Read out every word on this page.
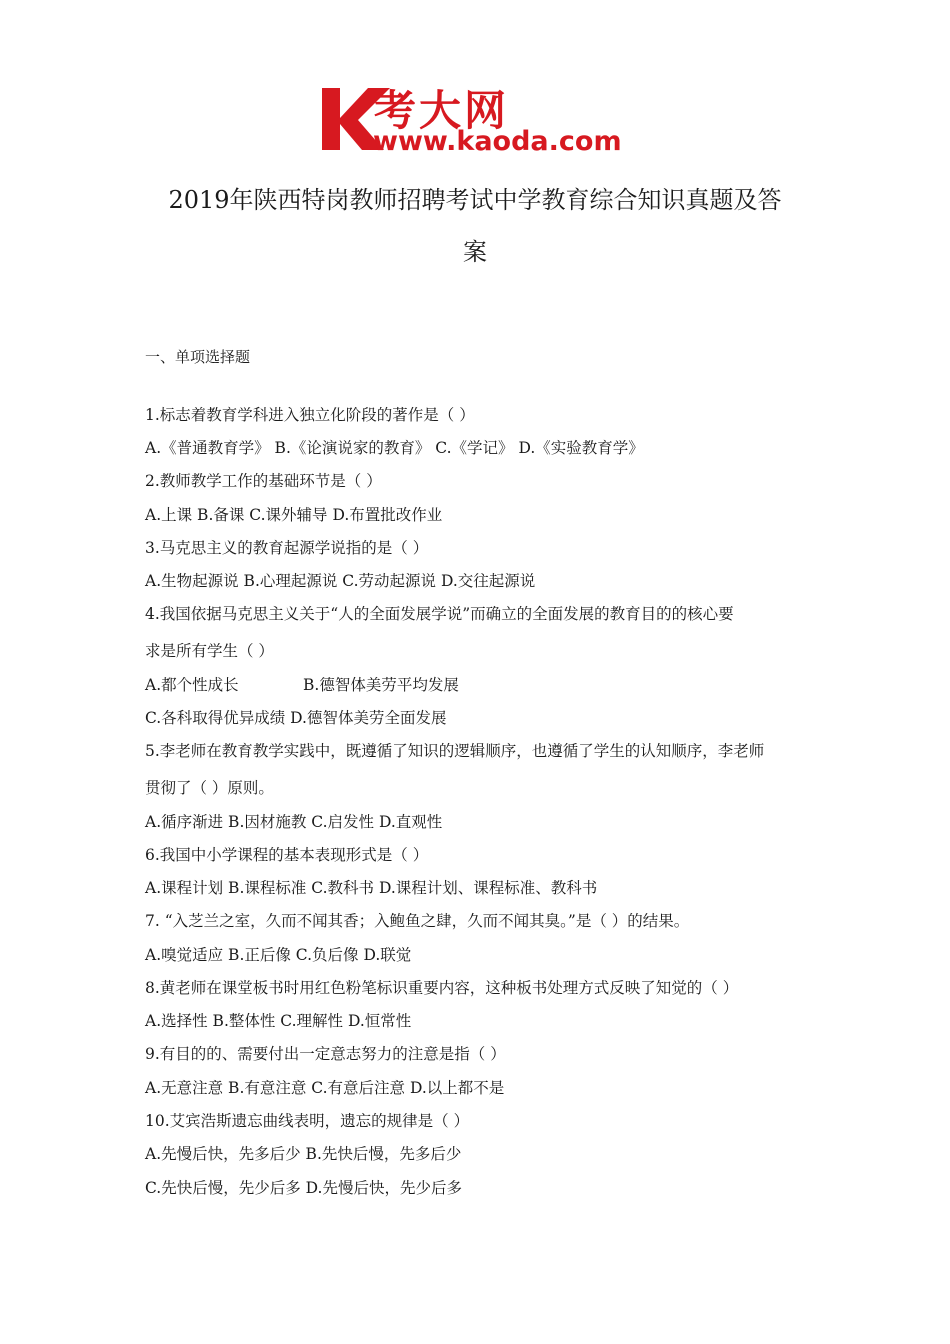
考大网
www.kaoda.com
2019年陕西特岗教师招聘考试中学教育综合知识真题及答
案
一、单项选择题
1.标志着教育学科进入独立化阶段的著作是（ ）
A.《普通教育学》 B.《论演说家的教育》 C.《学记》 D.《实验教育学》
2.教师教学工作的基础环节是（ ）
A.上课 B.备课 C.课外辅导 D.布置批改作业
3.马克思主义的教育起源学说指的是（ ）
A.生物起源说 B.心理起源说 C.劳动起源说 D.交往起源说
4.我国依据马克思主义关于“人的全面发展学说”而确立的全面发展的教育目的的核心要
求是所有学生（ ）
A.都个性成长	B.德智体美劳平均发展
C.各科取得优异成绩 D.德智体美劳全面发展
5.李老师在教育教学实践中，既遵循了知识的逻辑顺序，也遵循了学生的认知顺序，李老师
贯彻了（ ）原则。
A.循序渐进 B.因材施教 C.启发性 D.直观性
6.我国中小学课程的基本表现形式是（ ）
A.课程计划 B.课程标准 C.教科书 D.课程计划、课程标准、教科书
7. “入芝兰之室，久而不闻其香；入鲍鱼之肆，久而不闻其臭。”是（ ）的结果。
A.嗅觉适应 B.正后像 C.负后像 D.联觉
8.黄老师在课堂板书时用红色粉笔标识重要内容，这种板书处理方式反映了知觉的（ ）
A.选择性 B.整体性 C.理解性 D.恒常性
9.有目的的、需要付出一定意志努力的注意是指（ ）
A.无意注意 B.有意注意 C.有意后注意 D.以上都不是
10.艾宾浩斯遗忘曲线表明，遗忘的规律是（ ）
A.先慢后快，先多后少 B.先快后慢，先多后少
C.先快后慢，先少后多 D.先慢后快，先少后多
